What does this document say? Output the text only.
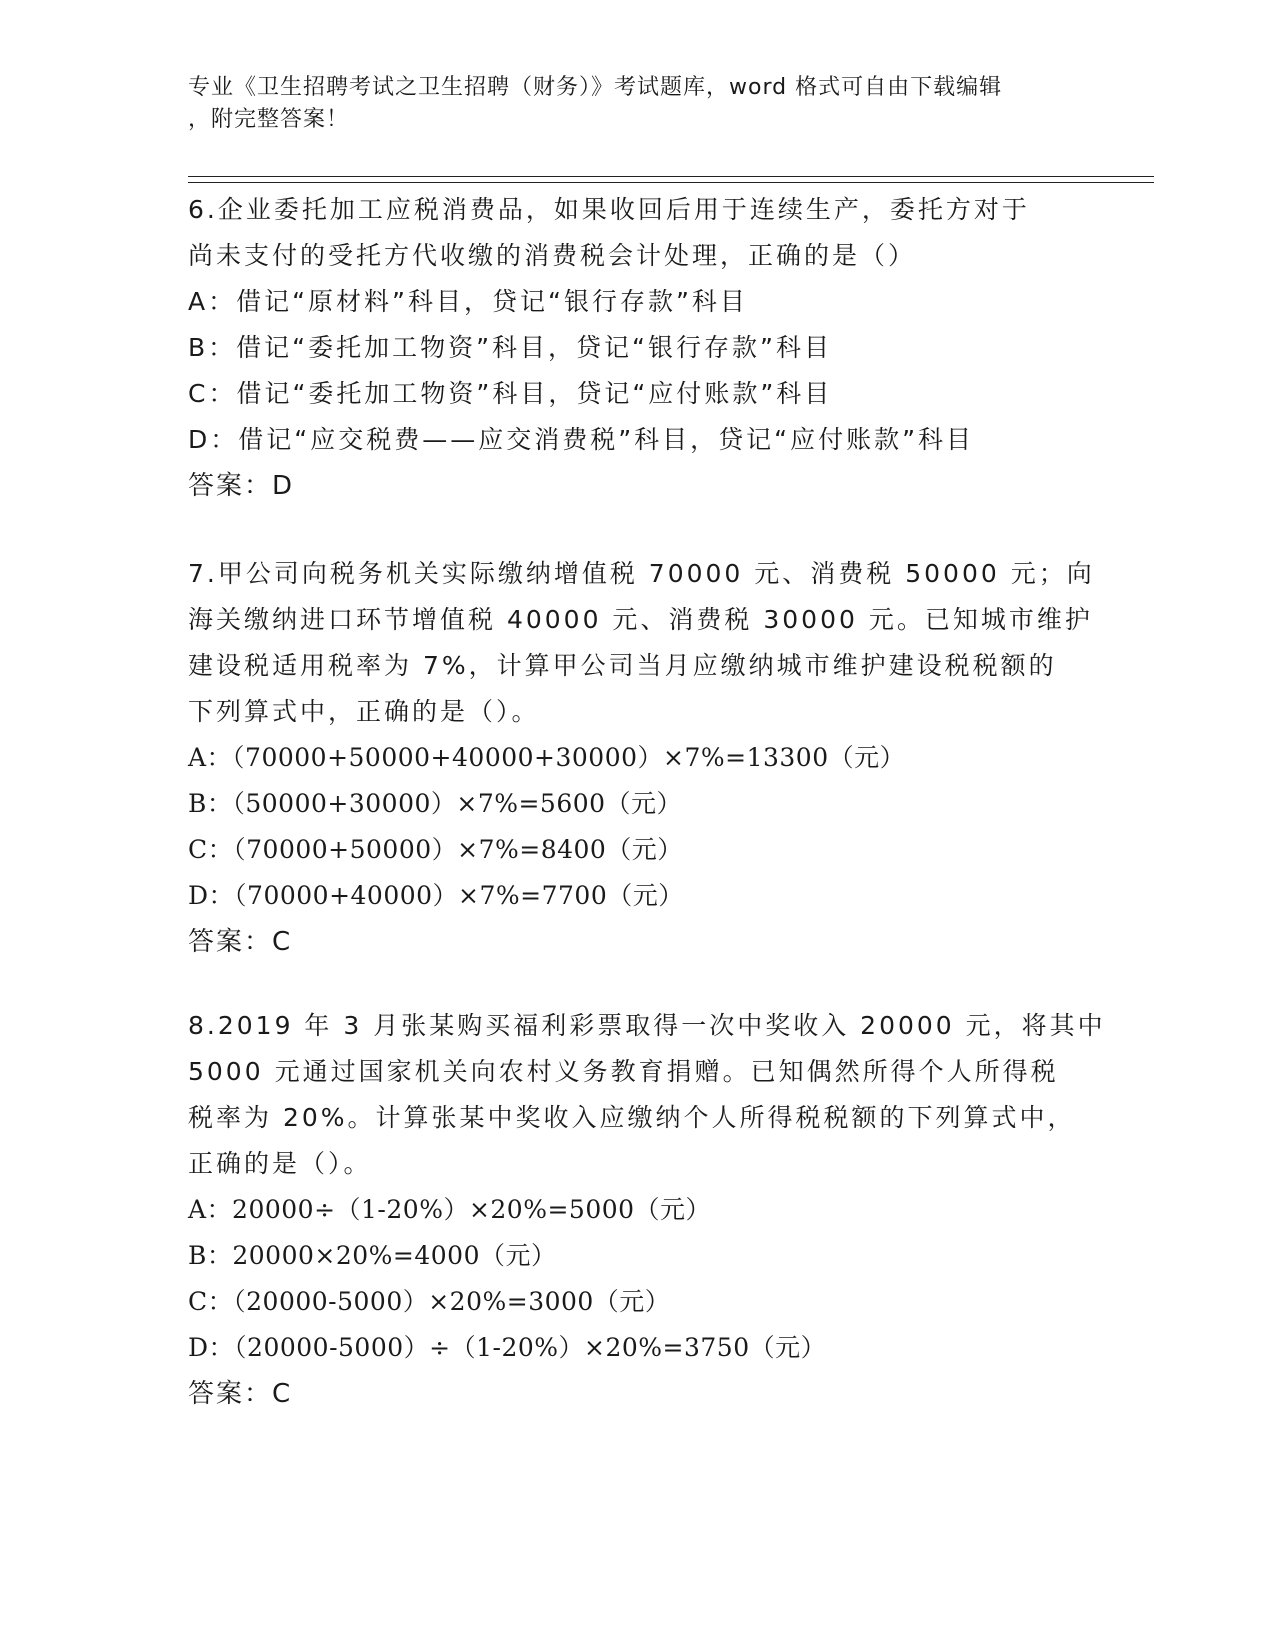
专业《卫生招聘考试之卫生招聘（财务）》考试题库，word 格式可自由下载编辑
，附完整答案！
6.企业委托加工应税消费品，如果收回后用于连续生产，委托方对于
尚未支付的受托方代收缴的消费税会计处理，正确的是（）
A：借记“原材料”科目，贷记“银行存款”科目
B：借记“委托加工物资”科目，贷记“银行存款”科目
C：借记“委托加工物资”科目，贷记“应付账款”科目
D：借记“应交税费——应交消费税”科目，贷记“应付账款”科目
答案：D
7.甲公司向税务机关实际缴纳增值税 70000 元、消费税 50000 元；向
海关缴纳进口环节增值税 40000 元、消费税 30000 元。已知城市维护
建设税适用税率为 7%，计算甲公司当月应缴纳城市维护建设税税额的
下列算式中，正确的是（）。
A：（70000+50000+40000+30000）×7%=13300（元）
B：（50000+30000）×7%=5600（元）
C：（70000+50000）×7%=8400（元）
D：（70000+40000）×7%=7700（元）
答案：C
8.2019 年 3 月张某购买福利彩票取得一次中奖收入 20000 元，将其中
5000 元通过国家机关向农村义务教育捐赠。已知偶然所得个人所得税
税率为 20%。计算张某中奖收入应缴纳个人所得税税额的下列算式中，
正确的是（）。
A：20000÷（1-20%）×20%=5000（元）
B：20000×20%=4000（元）
C：（20000-5000）×20%=3000（元）
D：（20000-5000）÷（1-20%）×20%=3750（元）
答案：C
